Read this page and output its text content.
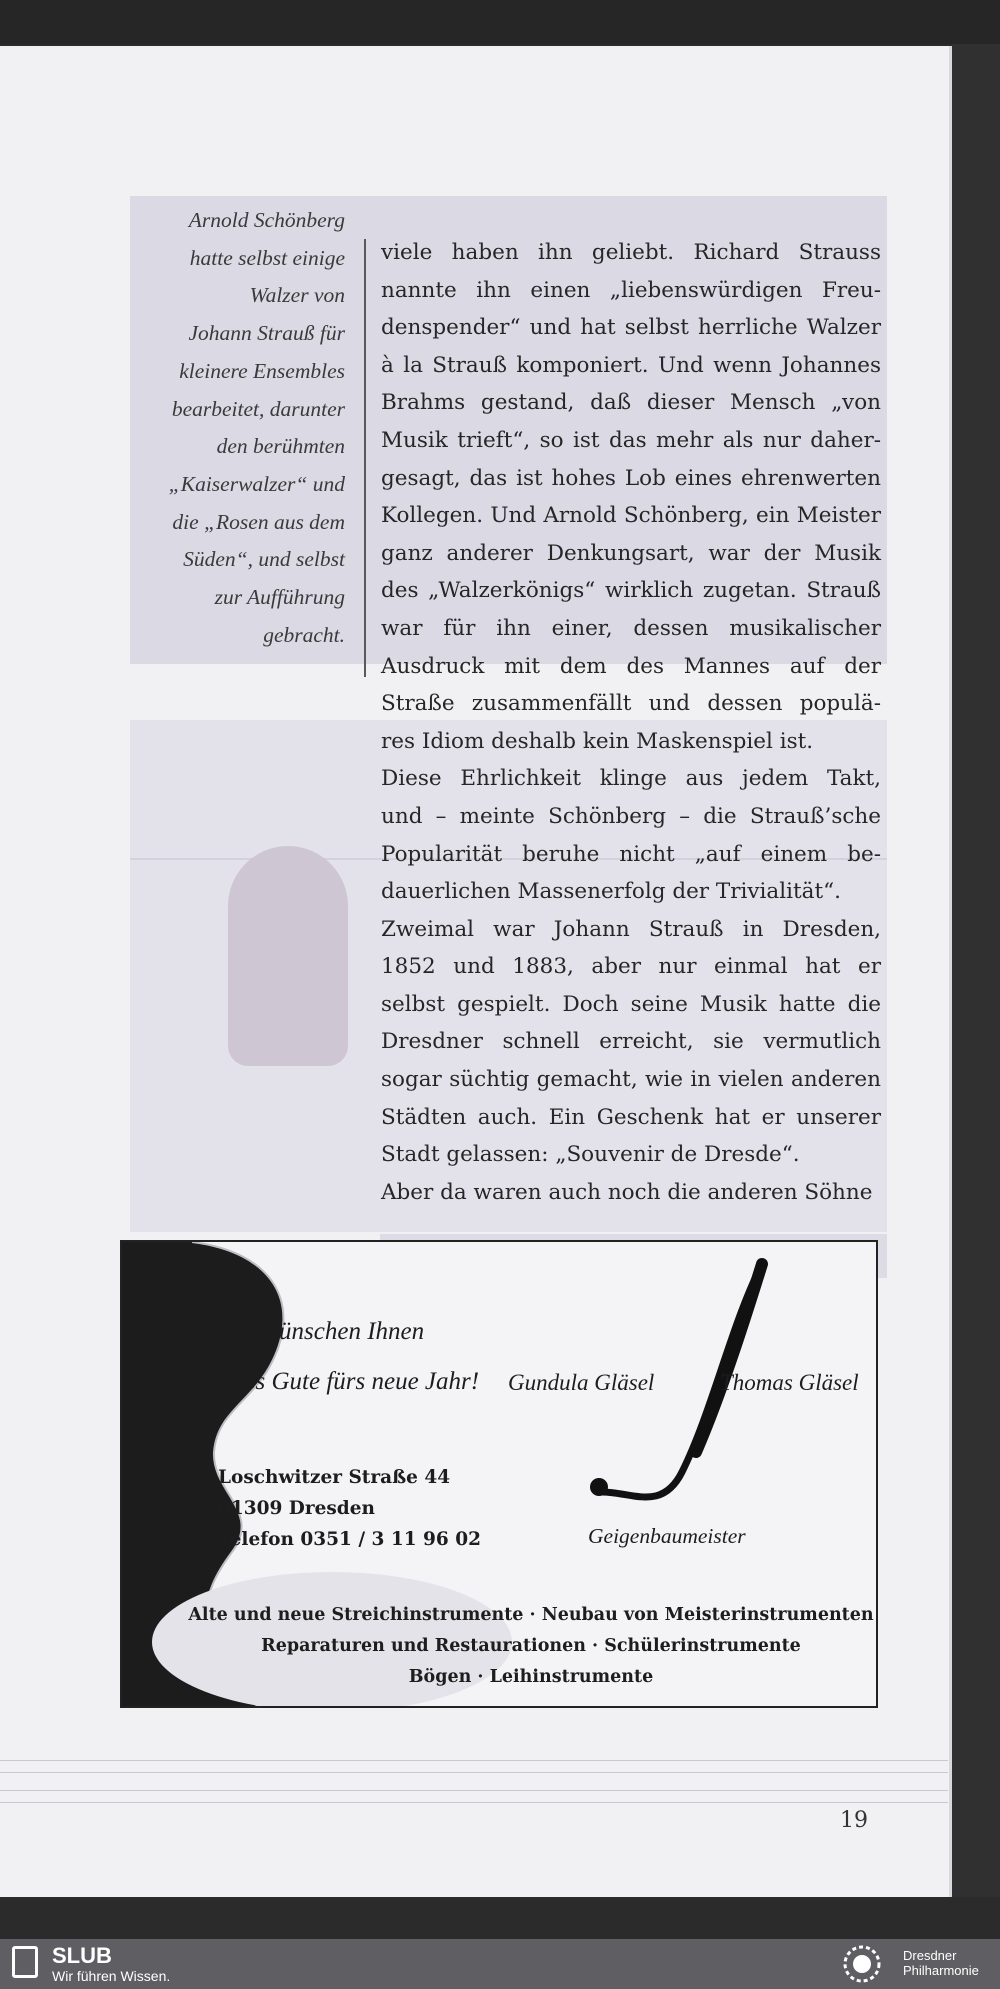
Arnold Schönberg
hatte selbst einige
Walzer von
Johann Strauß für
kleinere Ensembles
bearbeitet, darunter
den berühmten
„Kaiserwalzer“ und
die „Rosen aus dem
Süden“, und selbst
zur Aufführung
gebracht.
viele haben ihn geliebt. Richard Strauss
nannte ihn einen „liebenswürdigen Freu-
denspender“ und hat selbst herrliche Walzer
à la Strauß komponiert. Und wenn Johannes
Brahms gestand, daß dieser Mensch „von
Musik trieft“, so ist das mehr als nur daher-
gesagt, das ist hohes Lob eines ehrenwerten
Kollegen. Und Arnold Schönberg, ein Meister
ganz anderer Denkungsart, war der Musik
des „Walzerkönigs“ wirklich zugetan. Strauß
war für ihn einer, dessen musikalischer
Ausdruck mit dem des Mannes auf der
Straße zusammenfällt und dessen populä-
res Idiom deshalb kein Maskenspiel ist.
Diese Ehrlichkeit klinge aus jedem Takt,
und – meinte Schönberg – die Strauß’sche
Popularität beruhe nicht „auf einem be-
dauerlichen Massenerfolg der Trivialität“.
Zweimal war Johann Strauß in Dresden,
1852 und 1883, aber nur einmal hat er
selbst gespielt. Doch seine Musik hatte die
Dresdner schnell erreicht, sie vermutlich
sogar süchtig gemacht, wie in vielen anderen
Städten auch. Ein Geschenk hat er unserer
Stadt gelassen: „Souvenir de Dresde“.
Aber da waren auch noch die anderen Söhne
Wir wünschen Ihnen
alles Gute fürs neue Jahr! Gundula Gläsel	Thomas Gläsel
Loschwitzer Straße 44
01309 Dresden
Telefon 0351 / 3 11 96 02	Geigenbaumeister
Alte und neue Streichinstrumente · Neubau von Meisterinstrumenten
Reparaturen und Restaurationen · Schülerinstrumente
Bögen · Leihinstrumente
19
SLUB
Wir führen Wissen.
Dresdner
Philharmonie
